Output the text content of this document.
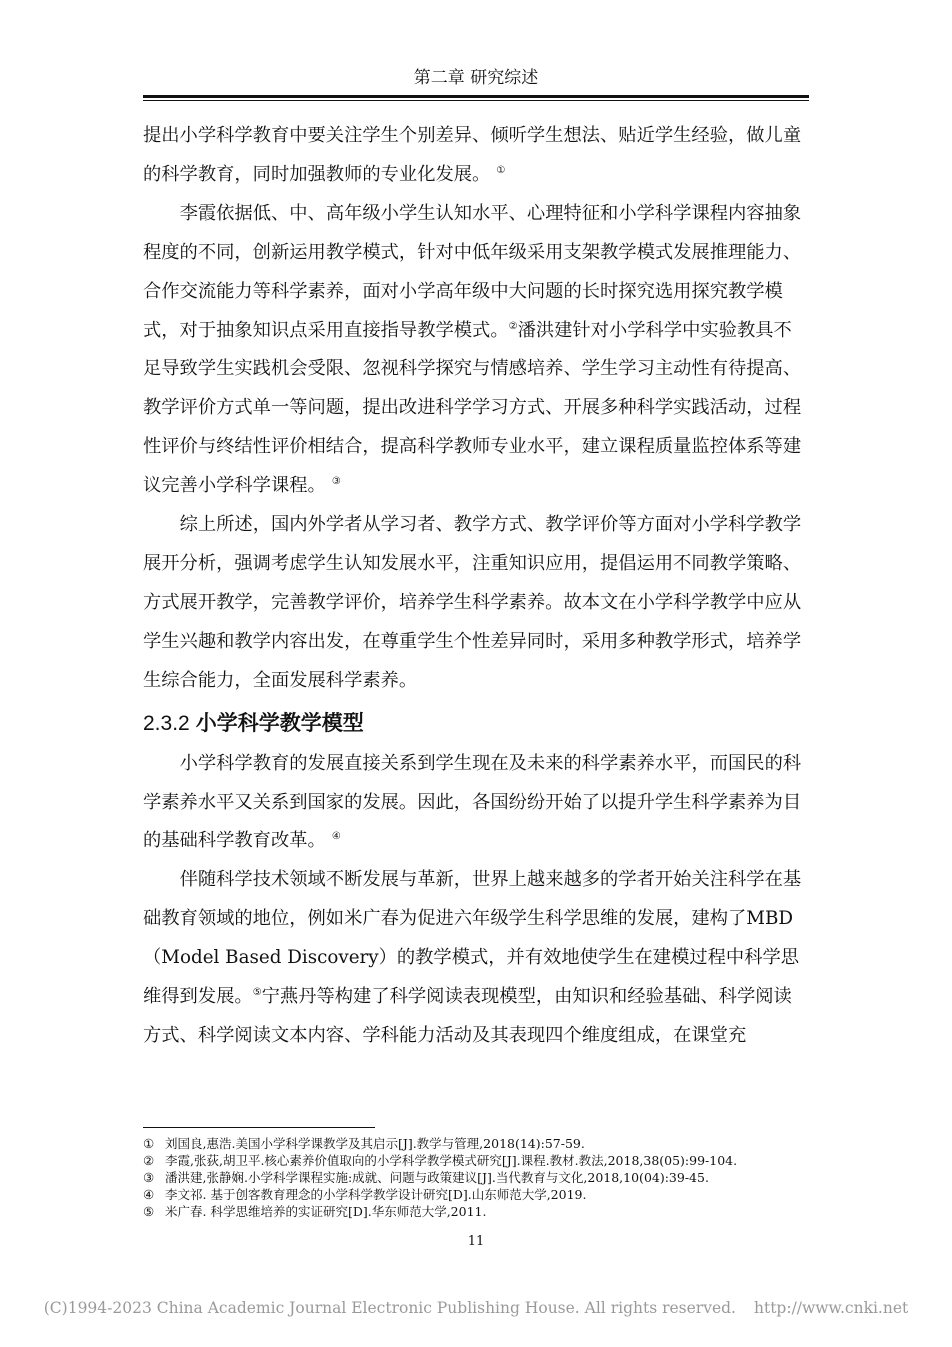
第二章 研究综述

提出小学科学教育中要关注学生个别差异、倾听学生想法、贴近学生经验，做儿童的科学教育，同时加强教师的专业化发展。 ①

李霞依据低、中、高年级小学生认知水平、心理特征和小学科学课程内容抽象程度的不同，创新运用教学模式，针对中低年级采用支架教学模式发展推理能力、合作交流能力等科学素养，面对小学高年级中大问题的长时探究选用探究教学模式，对于抽象知识点采用直接指导教学模式。②潘洪建针对小学科学中实验教具不足导致学生实践机会受限、忽视科学探究与情感培养、学生学习主动性有待提高、教学评价方式单一等问题，提出改进科学学习方式、开展多种科学实践活动，过程性评价与终结性评价相结合，提高科学教师专业水平，建立课程质量监控体系等建议完善小学科学课程。 ③

综上所述，国内外学者从学习者、教学方式、教学评价等方面对小学科学教学展开分析，强调考虑学生认知发展水平，注重知识应用，提倡运用不同教学策略、方式展开教学，完善教学评价，培养学生科学素养。故本文在小学科学教学中应从学生兴趣和教学内容出发，在尊重学生个性差异同时，采用多种教学形式，培养学生综合能力，全面发展科学素养。

2.3.2 小学科学教学模型

小学科学教育的发展直接关系到学生现在及未来的科学素养水平，而国民的科学素养水平又关系到国家的发展。因此，各国纷纷开始了以提升学生科学素养为目的基础科学教育改革。 ④

伴随科学技术领域不断发展与革新，世界上越来越多的学者开始关注科学在基础教育领域的地位，例如米广春为促进六年级学生科学思维的发展，建构了MBD（Model Based Discovery）的教学模式，并有效地使学生在建模过程中科学思维得到发展。⑤宁燕丹等构建了科学阅读表现模型，由知识和经验基础、科学阅读方式、科学阅读文本内容、学科能力活动及其表现四个维度组成，在课堂充

① 刘国良,惠浩.美国小学科学课教学及其启示[J].教学与管理,2018(14):57-59.
② 李霞,张荻,胡卫平.核心素养价值取向的小学科学教学模式研究[J].课程.教材.教法,2018,38(05):99-104.
③ 潘洪建,张静娴.小学科学课程实施:成就、问题与政策建议[J].当代教育与文化,2018,10(04):39-45.
④ 李文祁. 基于创客教育理念的小学科学教学设计研究[D].山东师范大学,2019.
⑤ 米广春. 科学思维培养的实证研究[D].华东师范大学,2011.
11
(C)1994-2023 China Academic Journal Electronic Publishing House. All rights reserved. http://www.cnki.net
